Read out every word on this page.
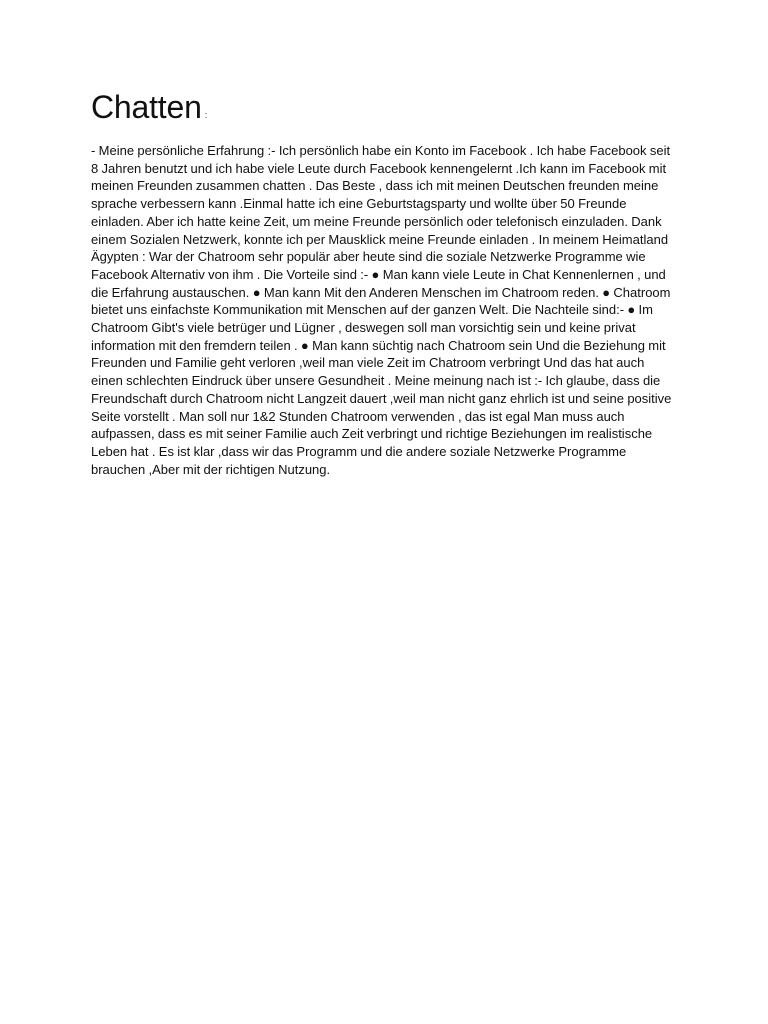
Chatten :

- Meine persönliche Erfahrung :- Ich persönlich habe ein Konto im Facebook . Ich habe Facebook seit 8 Jahren benutzt und ich habe viele Leute durch Facebook kennengelernt .Ich kann im Facebook mit meinen Freunden zusammen chatten . Das Beste , dass ich mit meinen Deutschen freunden meine sprache verbessern kann .Einmal hatte ich eine Geburtstagsparty und wollte über 50 Freunde einladen. Aber ich hatte keine Zeit, um meine Freunde persönlich oder telefonisch einzuladen. Dank einem Sozialen Netzwerk, konnte ich per Mausklick meine Freunde einladen . In meinem Heimatland Ägypten : War der Chatroom sehr populär aber heute sind die soziale Netzwerke Programme wie Facebook Alternativ von ihm . Die Vorteile sind :- ● Man kann viele Leute in Chat Kennenlernen , und die Erfahrung austauschen. ● Man kann Mit den Anderen Menschen im Chatroom reden. ● Chatroom bietet uns einfachste Kommunikation mit Menschen auf der ganzen Welt. Die Nachteile sind:- ● Im Chatroom Gibt's viele betrüger und Lügner , deswegen soll man vorsichtig sein und keine privat information mit den fremdern teilen . ● Man kann süchtig nach Chatroom sein Und die Beziehung mit Freunden und Familie geht verloren ,weil man viele Zeit im Chatroom verbringt Und das hat auch einen schlechten Eindruck über unsere Gesundheit . Meine meinung nach ist :- Ich glaube, dass die Freundschaft durch Chatroom nicht Langzeit dauert ,weil man nicht ganz ehrlich ist und seine positive Seite vorstellt . Man soll nur 1&2 Stunden Chatroom verwenden , das ist egal Man muss auch aufpassen, dass es mit seiner Familie auch Zeit verbringt und richtige Beziehungen im realistische Leben hat . Es ist klar ,dass wir das Programm und die andere soziale Netzwerke Programme brauchen ,Aber mit der richtigen Nutzung.
